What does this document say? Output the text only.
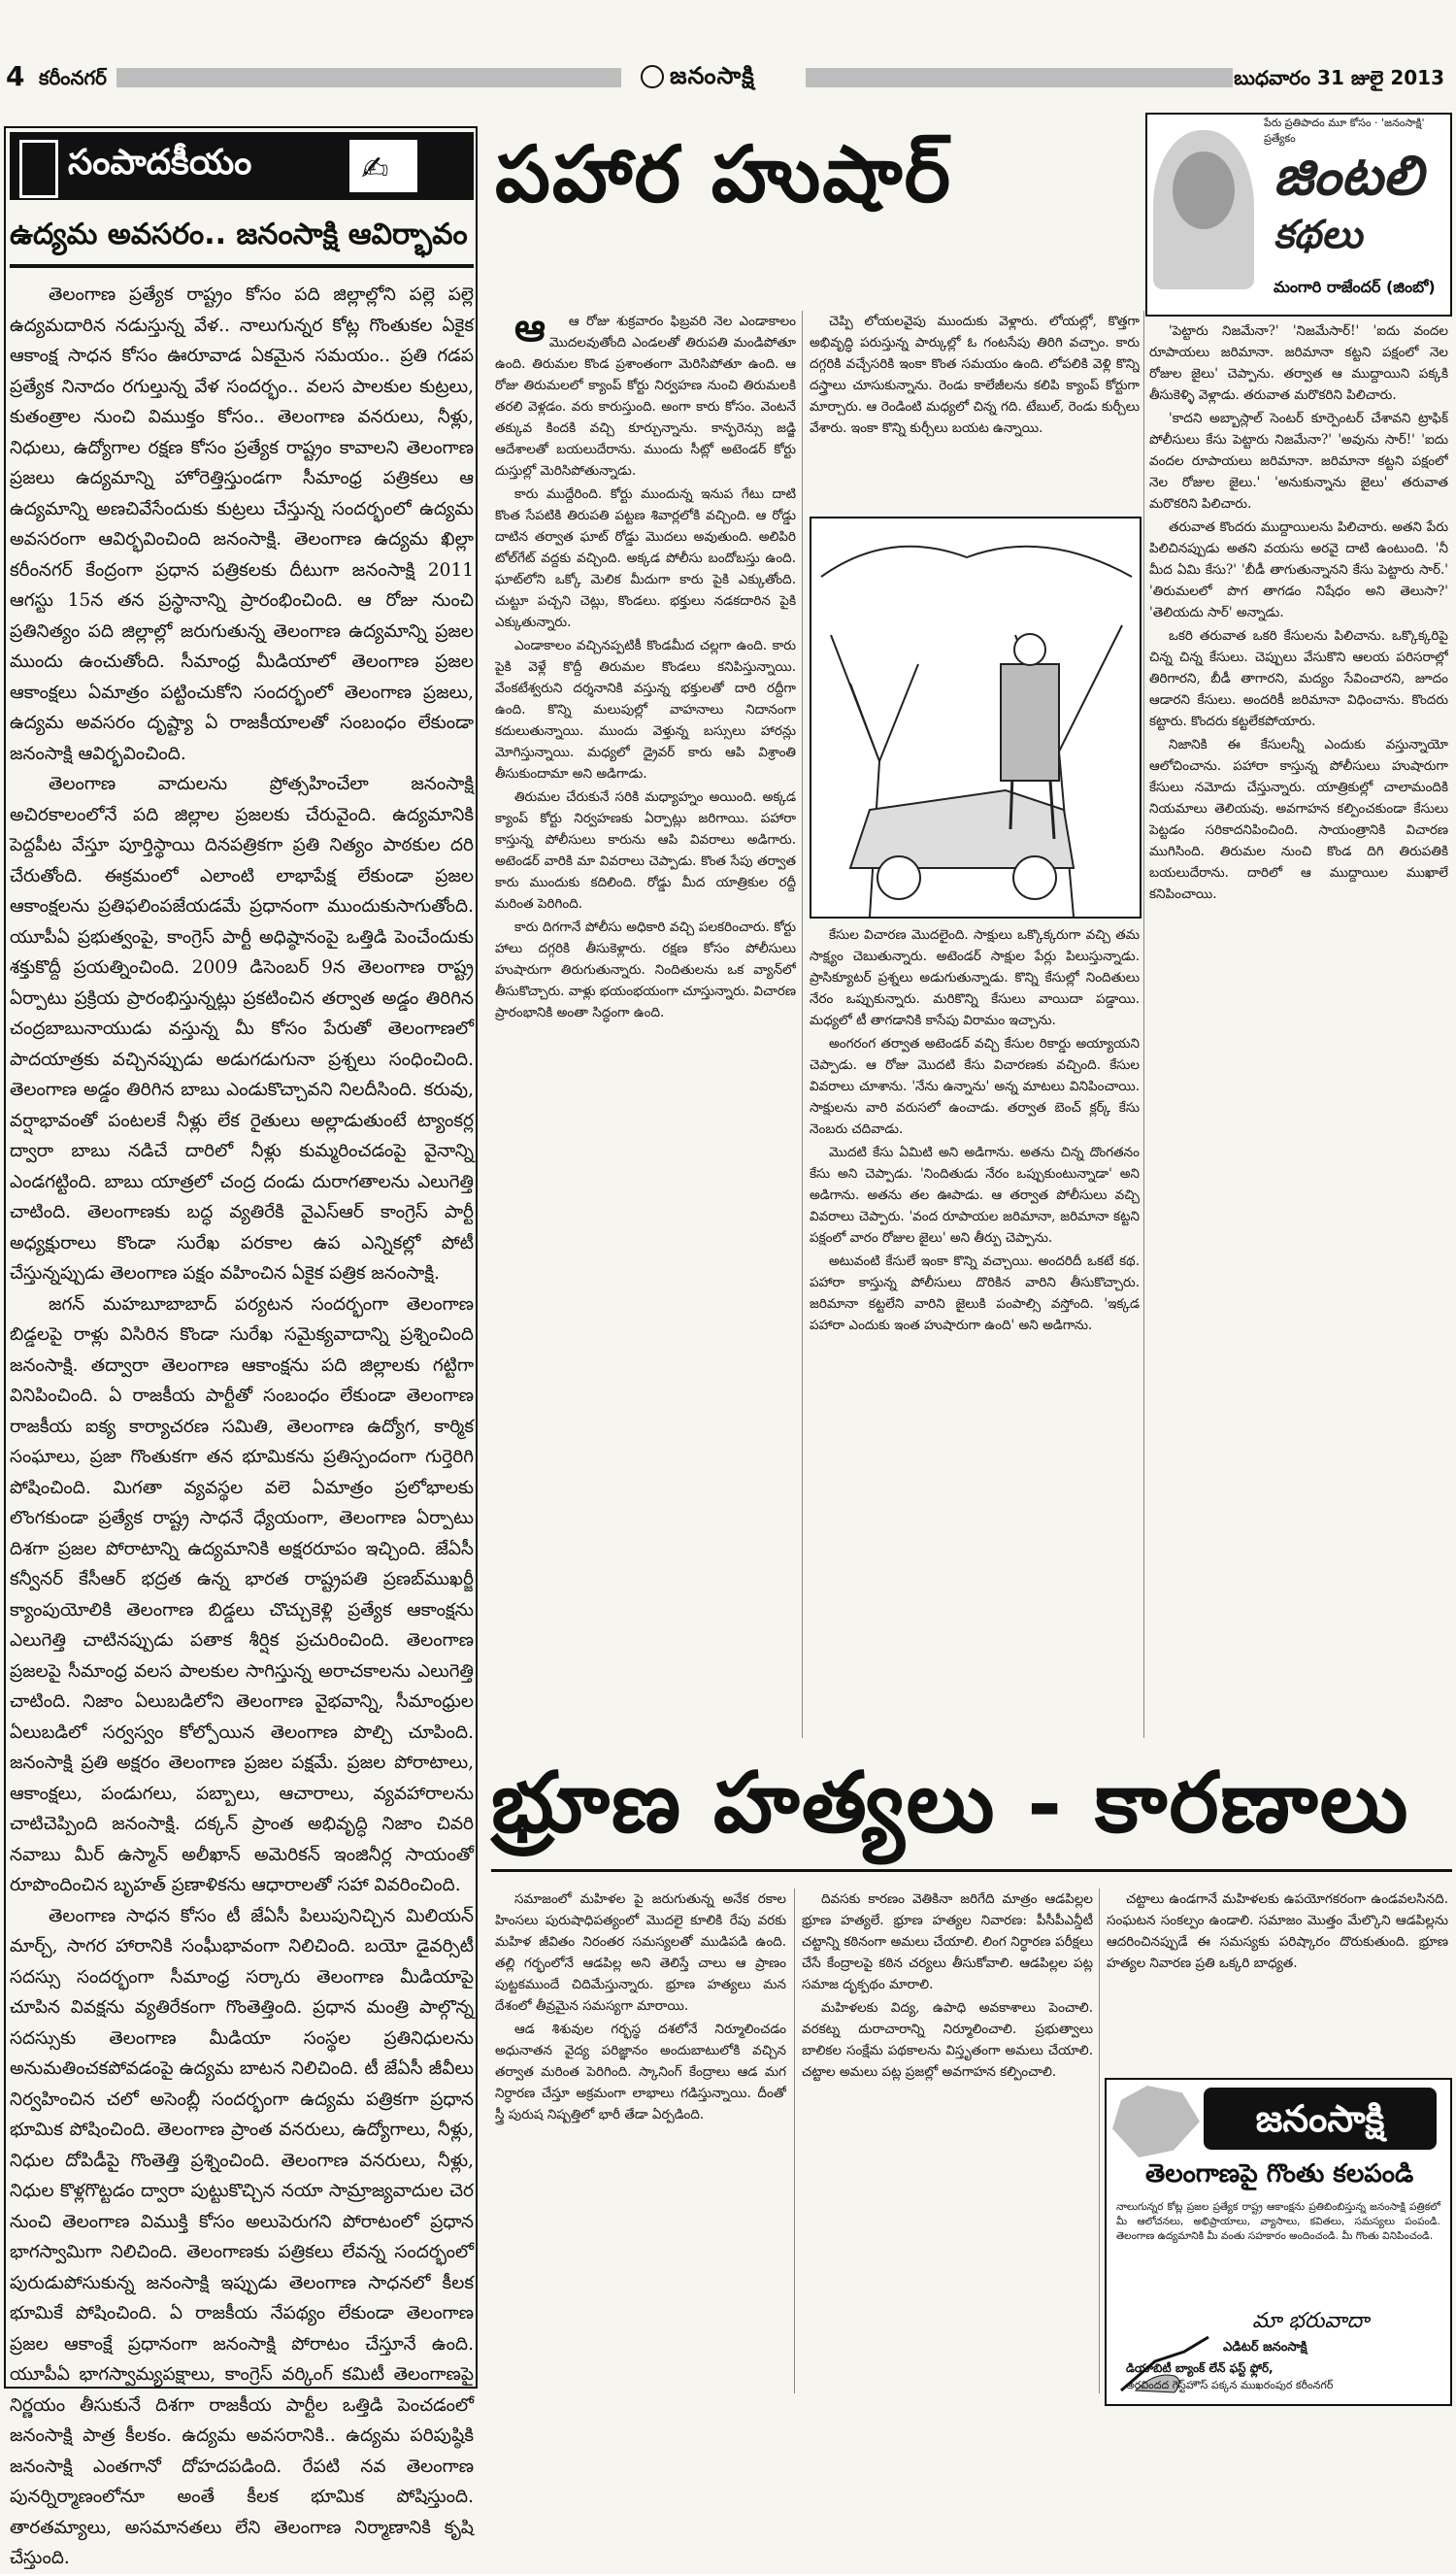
4 కరీంనగర్	జనంసాక్షి	బుధవారం 31 జులై 2013
సంపాదకీయం	✍
ఉద్యమ అవసరం.. జనంసాక్షి ఆవిర్భావం

తెలంగాణ ప్రత్యేక రాష్ట్రం కోసం పది జిల్లాల్లోని పల్లె పల్లె ఉద్యమదారిన నడుస్తున్న వేళ.. నాలుగున్నర కోట్ల గొంతుకల ఏకైక ఆకాంక్ష సాధన కోసం ఊరూవాడ ఏకమైన సమయం.. ప్రతి గడప ప్రత్యేక నినాదం రగుల్తున్న వేళ సందర్భం.. వలస పాలకుల కుట్రలు, కుతంత్రాల నుంచి విముక్తం కోసం.. తెలంగాణ వనరులు, నీళ్లు, నిధులు, ఉద్యోగాల రక్షణ కోసం ప్రత్యేక రాష్ట్రం కావాలని తెలంగాణ ప్రజలు ఉద్యమాన్ని హోరెత్తిస్తుండగా సీమాంధ్ర పత్రికలు ఆ ఉద్యమాన్ని అణచివేసేందుకు కుట్రలు చేస్తున్న సందర్భంలో ఉద్యమ అవసరంగా ఆవిర్భవించింది జనంసాక్షి. తెలంగాణ ఉద్యమ ఖిల్లా కరీంనగర్ కేంద్రంగా ప్రధాన పత్రికలకు దీటుగా జనంసాక్షి 2011 ఆగస్టు 15న తన ప్రస్థానాన్ని ప్రారంభించింది. ఆ రోజు నుంచి ప్రతినిత్యం పది జిల్లాల్లో జరుగుతున్న తెలంగాణ ఉద్యమాన్ని ప్రజల ముందు ఉంచుతోంది. సీమాంధ్ర మీడియాలో తెలంగాణ ప్రజల ఆకాంక్షలు ఏమాత్రం పట్టించుకోని సందర్భంలో తెలంగాణ ప్రజలు, ఉద్యమ అవసరం దృష్ట్యా ఏ రాజకీయాలతో సంబంధం లేకుండా జనంసాక్షి ఆవిర్భవించింది.

తెలంగాణ వాదులను ప్రోత్సహించేలా జనంసాక్షి అచిరకాలంలోనే పది జిల్లాల ప్రజలకు చేరువైంది. ఉద్యమానికి పెద్దపీట వేస్తూ పూర్తిస్థాయి దినపత్రికగా ప్రతి నిత్యం పాఠకుల దరి చేరుతోంది. ఈక్రమంలో ఎలాంటి లాభాపేక్ష లేకుండా ప్రజల ఆకాంక్షలను ప్రతిఫలింపజేయడమే ప్రధానంగా ముందుకుసాగుతోంది. యూపీఏ ప్రభుత్వంపై, కాంగ్రెస్ పార్టీ అధిష్ఠానంపై ఒత్తిడి పెంచేందుకు శక్తుకొద్దీ ప్రయత్నించింది. 2009 డిసెంబర్ 9న తెలంగాణ రాష్ట్ర ఏర్పాటు ప్రక్రియ ప్రారంభిస్తున్నట్లు ప్రకటించిన తర్వాత అడ్డం తిరిగిన చంద్రబాబునాయుడు వస్తున్న మీ కోసం పేరుతో తెలంగాణలో పాదయాత్రకు వచ్చినప్పుడు అడుగడుగునా ప్రశ్నలు సంధించింది. తెలంగాణ అడ్డం తిరిగిన బాబు ఎండుకొచ్చావని నిలదీసింది. కరువు, వర్షాభావంతో పంటలకే నీళ్లు లేక రైతులు అల్లాడుతుంటే ట్యాంకర్ల ద్వారా బాబు నడిచే దారిలో నీళ్లు కుమ్మరించడంపై వైనాన్ని ఎండగట్టింది. బాబు యాత్రలో చంద్ర దండు దురాగతాలను ఎలుగెత్తి చాటింది. తెలంగాణకు బద్ధ వ్యతిరేకి వైఎస్ఆర్ కాంగ్రెస్ పార్టీ అధ్యక్షురాలు కొండా సురేఖ పరకాల ఉప ఎన్నికల్లో పోటీ చేస్తున్నప్పుడు తెలంగాణ పక్షం వహించిన ఏకైక పత్రిక జనంసాక్షి.

జగన్ మహబూబాబాద్ పర్యటన సందర్భంగా తెలంగాణ బిడ్డలపై రాళ్లు విసిరిన కొండా సురేఖ సమైక్యవాదాన్ని ప్రశ్నించింది జనంసాక్షి. తద్వారా తెలంగాణ ఆకాంక్షను పది జిల్లాలకు గట్టిగా వినిపించింది. ఏ రాజకీయ పార్టీతో సంబంధం లేకుండా తెలంగాణ రాజకీయ ఐక్య కార్యాచరణ సమితి, తెలంగాణ ఉద్యోగ, కార్మిక సంఘాలు, ప్రజా గొంతుకగా తన భూమికను ప్రతిస్పందంగా గుర్తెరిగి పోషించింది. మిగతా వ్యవస్థల వలె ఏమాత్రం ప్రలోభాలకు లొంగకుండా ప్రత్యేక రాష్ట్ర సాధనే ధ్యేయంగా, తెలంగాణ ఏర్పాటు దిశగా ప్రజల పోరాటాన్ని ఉద్యమానికి అక్షరరూపం ఇచ్చింది. జేఏసీ కన్వీనర్ కేసీఆర్ భద్రత ఉన్న భారత రాష్ట్రపతి ప్రణబ్‌ముఖర్జీ క్యాంపుయోలికి తెలంగాణ బిడ్డలు చొచ్చుకెళ్లి ప్రత్యేక ఆకాంక్షను ఎలుగెత్తి చాటినప్పుడు పతాక శీర్షిక ప్రచురించింది. తెలంగాణ ప్రజలపై సీమాంధ్ర వలస పాలకుల సాగిస్తున్న అరాచకాలను ఎలుగెత్తి చాటింది. నిజాం ఏలుబడిలోని తెలంగాణ వైభవాన్ని, సీమాంధ్రుల ఏలుబడిలో సర్వస్వం కోల్పోయిన తెలంగాణ పొల్చి చూపింది. జనంసాక్షి ప్రతి అక్షరం తెలంగాణ ప్రజల పక్షమే. ప్రజల పోరాటాలు, ఆకాంక్షలు, పండుగలు, పబ్బాలు, ఆచారాలు, వ్యవహారాలను చాటిచెప్పింది జనంసాక్షి. దక్కన్ ప్రాంత అభివృద్ధి నిజాం చివరి నవాబు మీర్ ఉస్మాన్ అలీఖాన్ అమెరికన్ ఇంజినీర్ల సాయంతో రూపొందించిన బృహత్ ప్రణాళికను ఆధారాలతో సహా వివరించింది.

తెలంగాణ సాధన కోసం టీ జేఏసీ పిలుపునిచ్చిన మిలియన్ మార్చ్, సాగర హారానికి సంఘీభావంగా నిలిచింది. బయో డైవర్సిటీ సదస్సు సందర్భంగా సీమాంధ్ర సర్కారు తెలంగాణ మీడియాపై చూపిన వివక్షను వ్యతిరేకంగా గొంతెత్తింది. ప్రధాన మంత్రి పాల్గొన్న సదస్సుకు తెలంగాణ మీడియా సంస్థల ప్రతినిధులను అనుమతించకపోవడంపై ఉద్యమ బాటన నిలిచింది. టీ జేఏసీ జీవీలు నిర్వహించిన చలో అసెంబ్లీ సందర్భంగా ఉద్యమ పత్రికగా ప్రధాన భూమిక పోషించింది. తెలంగాణ ప్రాంత వనరులు, ఉద్యోగాలు, నీళ్లు, నిధుల దోపిడీపై గొంతెత్తి ప్రశ్నించింది. తెలంగాణ వనరులు, నీళ్లు, నిధుల కొళ్లగొట్టడం ద్వారా పుట్టుకొచ్చిన నయా సామ్రాజ్యవాదుల చెర నుంచి తెలంగాణ విముక్తి కోసం అలుపెరుగని పోరాటంలో ప్రధాన భాగస్వామిగా నిలిచింది. తెలంగాణకు పత్రికలు లేవన్న సందర్భంలో పురుడుపోసుకున్న జనంసాక్షి ఇప్పుడు తెలంగాణ సాధనలో కీలక భూమికే పోషించింది. ఏ రాజకీయ నేపథ్యం లేకుండా తెలంగాణ ప్రజల ఆకాంక్షే ప్రధానంగా జనంసాక్షి పోరాటం చేస్తూనే ఉంది. యూపీఏ భాగస్వామ్యపక్షాలు, కాంగ్రెస్ వర్కింగ్ కమిటీ తెలంగాణపై నిర్ణయం తీసుకునే దిశగా రాజకీయ పార్టీల ఒత్తిడి పెంచడంలో జనంసాక్షి పాత్ర కీలకం. ఉద్యమ అవసరానికి.. ఉద్యమ పరిపుష్ఠికి జనంసాక్షి ఎంతగానో దోహదపడింది. రేపటి నవ తెలంగాణ పునర్నిర్మాణంలోనూ అంతే కీలక భూమిక పోషిస్తుంది. తారతమ్యాలు, అసమానతలు లేని తెలంగాణ నిర్మాణానికి కృషి చేస్తుంది.

పహార హుషార్
పేరు ప్రతిపాదం మూ కోసం · 'జనంసాక్షి' ప్రత్యేకం
జింటలి
కథలు
మంగారి రాజేందర్ (జింబో)

ఆ ఆ రోజు శుక్రవారం ఫిబ్రవరి నెల ఎండాకాలం మొదలవుతోంది ఎండలతో తిరుపతి మండిపోతూ ఉంది. తిరుమల కొండ ప్రశాంతంగా మెరిసిపోతూ ఉంది. ఆ రోజు తిరుమలలో క్యాంప్ కోర్టు నిర్వహణ నుంచి తిరుమలకి తరలి వెళ్లడం. వరు కారుస్తుంది. అంగా కారు కోసం. వెంటనే తక్కువ కిందకి వచ్చి కూర్చున్నాను. కాన్ఫరెన్సు జడ్జి ఆదేశాలతో బయలుదేరాను. ముందు సీట్లో అటెండర్ కోర్టు దుస్తుల్లో మెరిసిపోతున్నాడు.

కారు ముద్దేరింది. కోర్టు ముందున్న ఇనుప గేటు దాటి కొంత సేపటికి తిరుపతి పట్టణ శివార్లలోకి వచ్చింది. ఆ రోడ్డు దాటిన తర్వాత ఘాట్ రోడ్డు మొదలు అవుతుంది. అలిపిరి టోల్‌గేట్ వద్దకు వచ్చింది. అక్కడ పోలీసు బందోబస్తు ఉంది. ఘాట్‌లోని ఒక్కో మెలిక మీదుగా కారు పైకి ఎక్కుతోంది. చుట్టూ పచ్చని చెట్లు, కొండలు. భక్తులు నడకదారిన పైకి ఎక్కుతున్నారు.

ఎండాకాలం వచ్చినప్పటికీ కొండమీద చల్లగా ఉంది. కారు పైకి వెళ్లే కొద్దీ తిరుమల కొండలు కనిపిస్తున్నాయి. వేంకటేశ్వరుని దర్శనానికి వస్తున్న భక్తులతో దారి రద్దీగా ఉంది. కొన్ని మలుపుల్లో వాహనాలు నిదానంగా కదులుతున్నాయి. ముందు వెళ్తున్న బస్సులు హారన్లు మోగిస్తున్నాయి. మధ్యలో డ్రైవర్ కారు ఆపి విశ్రాంతి తీసుకుందామా అని అడిగాడు.

తిరుమల చేరుకునే సరికి మధ్యాహ్నం అయింది. అక్కడ క్యాంప్ కోర్టు నిర్వహణకు ఏర్పాట్లు జరిగాయి. పహారా కాస్తున్న పోలీసులు కారును ఆపి వివరాలు అడిగారు. అటెండర్ వారికి మా వివరాలు చెప్పాడు. కొంత సేపు తర్వాత కారు ముందుకు కదిలింది. రోడ్డు మీద యాత్రికుల రద్దీ మరింత పెరిగింది.

కారు దిగగానే పోలీసు అధికారి వచ్చి పలకరించారు. కోర్టు హాలు దగ్గరికి తీసుకెళ్లారు. రక్షణ కోసం పోలీసులు హుషారుగా తిరుగుతున్నారు. నిందితులను ఒక వ్యాన్‌లో తీసుకొచ్చారు. వాళ్లు భయంభయంగా చూస్తున్నారు. విచారణ ప్రారంభానికి అంతా సిద్ధంగా ఉంది.

చెప్పి లోయలవైపు ముందుకు వెళ్లారు. లోయల్లో, కొత్తగా అభివృద్ధి పరుస్తున్న పార్కుల్లో ఓ గంటసేపు తిరిగి వచ్చాం. కారు దగ్గరికి వచ్చేసరికి ఇంకా కొంత సమయం ఉంది. లోపలికి వెళ్లి కొన్ని దస్త్రాలు చూసుకున్నాను. రెండు కాలేజీలను కలిపి క్యాంప్ కోర్టుగా మార్చారు. ఆ రెండింటి మధ్యలో చిన్న గది. టేబుల్, రెండు కుర్చీలు వేశారు. ఇంకా కొన్ని కుర్చీలు బయట ఉన్నాయి.

కేసుల విచారణ మొదలైంది. సాక్షులు ఒక్కొక్కరుగా వచ్చి తమ సాక్ష్యం చెబుతున్నారు. అటెండర్ సాక్షుల పేర్లు పిలుస్తున్నాడు. ప్రాసిక్యూటర్ ప్రశ్నలు అడుగుతున్నాడు. కొన్ని కేసుల్లో నిందితులు నేరం ఒప్పుకున్నారు. మరికొన్ని కేసులు వాయిదా పడ్డాయి. మధ్యలో టీ తాగడానికి కాసేపు విరామం ఇచ్చాను.

అంగరంగ తర్వాత అటెండర్ వచ్చి కేసుల రికార్డు అయ్యాయని చెప్పాడు. ఆ రోజు మొదటి కేసు విచారణకు వచ్చింది. కేసుల వివరాలు చూశాను. 'నేను ఉన్నాను' అన్న మాటలు వినిపించాయి. సాక్షులను వారి వరుసలో ఉంచాడు. తర్వాత బెంచ్ క్లర్క్ కేసు నెంబరు చదివాడు.

మొదటి కేసు ఏమిటి అని అడిగాను. అతను చిన్న దొంగతనం కేసు అని చెప్పాడు. 'నిందితుడు నేరం ఒప్పుకుంటున్నాడా' అని అడిగాను. అతను తల ఊపాడు. ఆ తర్వాత పోలీసులు వచ్చి వివరాలు చెప్పారు. 'వంద రూపాయల జరిమానా, జరిమానా కట్టని పక్షంలో వారం రోజుల జైలు' అని తీర్పు చెప్పాను.

అటువంటి కేసులే ఇంకా కొన్ని వచ్చాయి. అందరిదీ ఒకటే కథ. పహారా కాస్తున్న పోలీసులు దొరికిన వారిని తీసుకొచ్చారు. జరిమానా కట్టలేని వారిని జైలుకి పంపాల్సి వస్తోంది. 'ఇక్కడ పహారా ఎందుకు ఇంత హుషారుగా ఉంది' అని అడిగాను.

'పెట్టారు నిజమేనా?' 'నిజమేసార్!' 'ఐదు వందల రూపాయలు జరిమానా. జరిమానా కట్టని పక్షంలో నెల రోజుల జైలు' చెప్పాను. తర్వాత ఆ ముద్దాయిని పక్కకి తీసుకెళ్ళి వెళ్లాడు. తరువాత మరొకరిని పిలిచారు.

'కాదని అబ్బాస్లాల్ సెంటర్ కూర్పెంటర్ చేశావని ట్రాఫిక్ పోలీసులు కేసు పెట్టారు నిజమేనా?' 'అవును సార్!' 'ఐదు వందల రూపాయలు జరిమానా. జరిమానా కట్టని పక్షంలో నెల రోజుల జైలు.' 'అనుకున్నాను జైలు' తరువాత మరొకరిని పిలిచారు.

తరువాత కొందరు ముద్దాయిలను పిలిచారు. అతని పేరు పిలిచినప్పుడు అతని వయసు అరవై దాటి ఉంటుంది. 'నీ మీద ఏమి కేసు?' 'బీడీ తాగుతున్నానని కేసు పెట్టారు సార్.' 'తిరుమలలో పొగ తాగడం నిషేధం అని తెలుసా?' 'తెలియదు సార్' అన్నాడు.

ఒకరి తరువాత ఒకరి కేసులను పిలిచాను. ఒక్కొక్కరిపై చిన్న చిన్న కేసులు. చెప్పులు వేసుకొని ఆలయ పరిసరాల్లో తిరిగారని, బీడీ తాగారని, మద్యం సేవించారని, జూదం ఆడారని కేసులు. అందరికీ జరిమానా విధించాను. కొందరు కట్టారు. కొందరు కట్టలేకపోయారు.

నిజానికి ఈ కేసులన్నీ ఎందుకు వస్తున్నాయో ఆలోచించాను. పహారా కాస్తున్న పోలీసులు హుషారుగా కేసులు నమోదు చేస్తున్నారు. యాత్రికుల్లో చాలామందికి నియమాలు తెలియవు. అవగాహన కల్పించకుండా కేసులు పెట్టడం సరికాదనిపించింది. సాయంత్రానికి విచారణ ముగిసింది. తిరుమల నుంచి కొండ దిగి తిరుపతికి బయలుదేరాను. దారిలో ఆ ముద్దాయిల ముఖాలే కనిపించాయి.

భ్రూణ హత్యలు - కారణాలు

సమాజంలో మహిళల పై జరుగుతున్న అనేక రకాల హింసలు పురుషాధిపత్యంలో మొదలై కూలికి రేపు వరకు మహిళ జీవితం నిరంతర సమస్యలతో ముడిపడి ఉంది. తల్లి గర్భంలోనే ఆడపిల్ల అని తెలిస్తే చాలు ఆ ప్రాణం పుట్టకముందే చిదిమేస్తున్నారు. భ్రూణ హత్యలు మన దేశంలో తీవ్రమైన సమస్యగా మారాయి.

ఆడ శిశువుల గర్భస్థ దశలోనే నిర్మూలించడం అధునాతన వైద్య పరిజ్ఞానం అందుబాటులోకి వచ్చిన తర్వాత మరింత పెరిగింది. స్కానింగ్ కేంద్రాలు ఆడ మగ నిర్ధారణ చేస్తూ అక్రమంగా లాభాలు గడిస్తున్నాయి. దీంతో స్త్రీ పురుష నిష్పత్తిలో భారీ తేడా ఏర్పడింది.

దివసకు కారణం వెతికినా జరిగేది మాత్రం ఆడపిల్లల భ్రూణ హత్యలే. భ్రూణ హత్యల నివారణ: పీసీపీఎన్డీటీ చట్టాన్ని కఠినంగా అమలు చేయాలి. లింగ నిర్ధారణ పరీక్షలు చేసే కేంద్రాలపై కఠిన చర్యలు తీసుకోవాలి. ఆడపిల్లల పట్ల సమాజ దృక్పథం మారాలి.

మహిళలకు విద్య, ఉపాధి అవకాశాలు పెంచాలి. వరకట్న దురాచారాన్ని నిర్మూలించాలి. ప్రభుత్వాలు బాలికల సంక్షేమ పథకాలను విస్తృతంగా అమలు చేయాలి. చట్టాల అమలు పట్ల ప్రజల్లో అవగాహన కల్పించాలి.

చట్టాలు ఉండగానే మహిళలకు ఉపయోగకరంగా ఉండవలసినది. సంఘటన సంకల్పం ఉండాలి. సమాజం మొత్తం మేల్కొని ఆడపిల్లను ఆదరించినప్పుడే ఈ సమస్యకు పరిష్కారం దొరుకుతుంది. భ్రూణ హత్యల నివారణ ప్రతి ఒక్కరి బాధ్యత.

జనంసాక్షి
తెలంగాణపై గొంతు కలపండి
నాలుగున్నర కోట్ల ప్రజల ప్రత్యేక రాష్ట్ర ఆకాంక్షను ప్రతిబింబిస్తున్న జనంసాక్షి పత్రికలో మీ ఆలోచనలు, అభిప్రాయాలు, వ్యాసాలు, కవితలు, సమస్యలు పంపండి. తెలంగాణ ఉద్యమానికి మీ వంతు సహకారం అందించండి. మీ గొంతు వినిపించండి.
మా భరువాదా
ఎడిటర్ జనంసాక్షి
డియాబిటీ బ్యాంక్ లేన్ ఫస్ట్ ఫ్లోర్,
అరవిందద గెస్ట్‌హౌస్ పక్కన ముఖరంపుర కరీంనగర్
